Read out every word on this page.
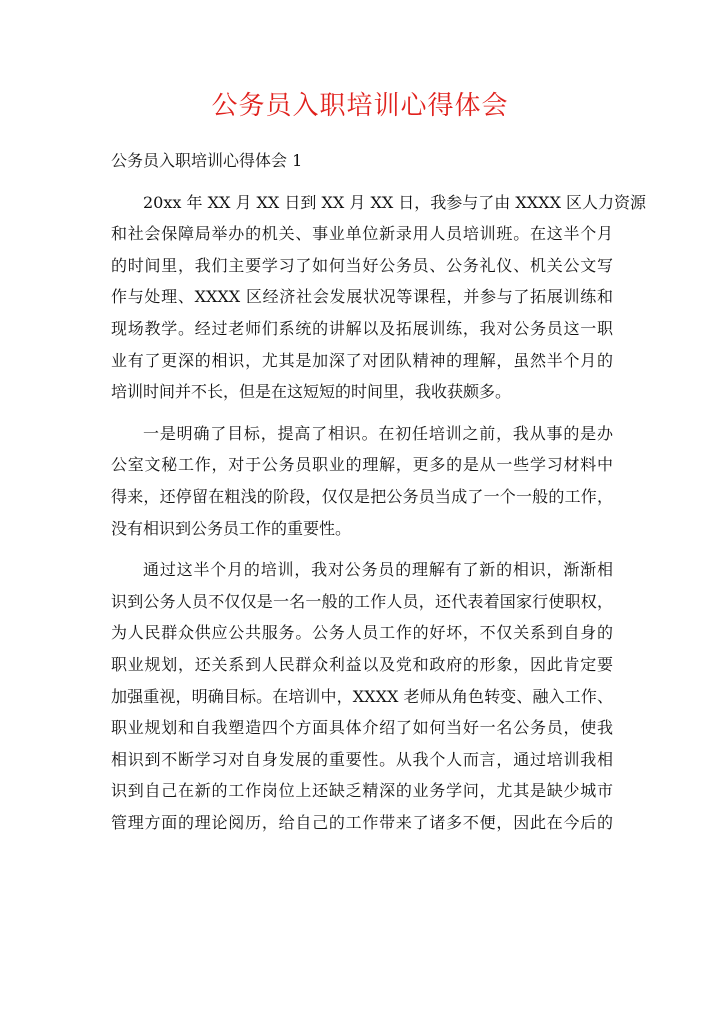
公务员入职培训心得体会
公务员入职培训心得体会 1
20xx 年 XX 月 XX 日到 XX 月 XX 日，我参与了由 XXXX 区人力资源
和社会保障局举办的机关、事业单位新录用人员培训班。在这半个月
的时间里，我们主要学习了如何当好公务员、公务礼仪、机关公文写
作与处理、XXXX 区经济社会发展状况等课程，并参与了拓展训练和
现场教学。经过老师们系统的讲解以及拓展训练，我对公务员这一职
业有了更深的相识，尤其是加深了对团队精神的理解，虽然半个月的
培训时间并不长，但是在这短短的时间里，我收获颇多。
一是明确了目标，提高了相识。在初任培训之前，我从事的是办
公室文秘工作，对于公务员职业的理解，更多的是从一些学习材料中
得来，还停留在粗浅的阶段，仅仅是把公务员当成了一个一般的工作，
没有相识到公务员工作的重要性。
通过这半个月的培训，我对公务员的理解有了新的相识，渐渐相
识到公务人员不仅仅是一名一般的工作人员，还代表着国家行使职权，
为人民群众供应公共服务。公务人员工作的好坏，不仅关系到自身的
职业规划，还关系到人民群众利益以及党和政府的形象，因此肯定要
加强重视，明确目标。在培训中，XXXX 老师从角色转变、融入工作、
职业规划和自我塑造四个方面具体介绍了如何当好一名公务员，使我
相识到不断学习对自身发展的重要性。从我个人而言，通过培训我相
识到自己在新的工作岗位上还缺乏精深的业务学问，尤其是缺少城市
管理方面的理论阅历，给自己的工作带来了诸多不便，因此在今后的
